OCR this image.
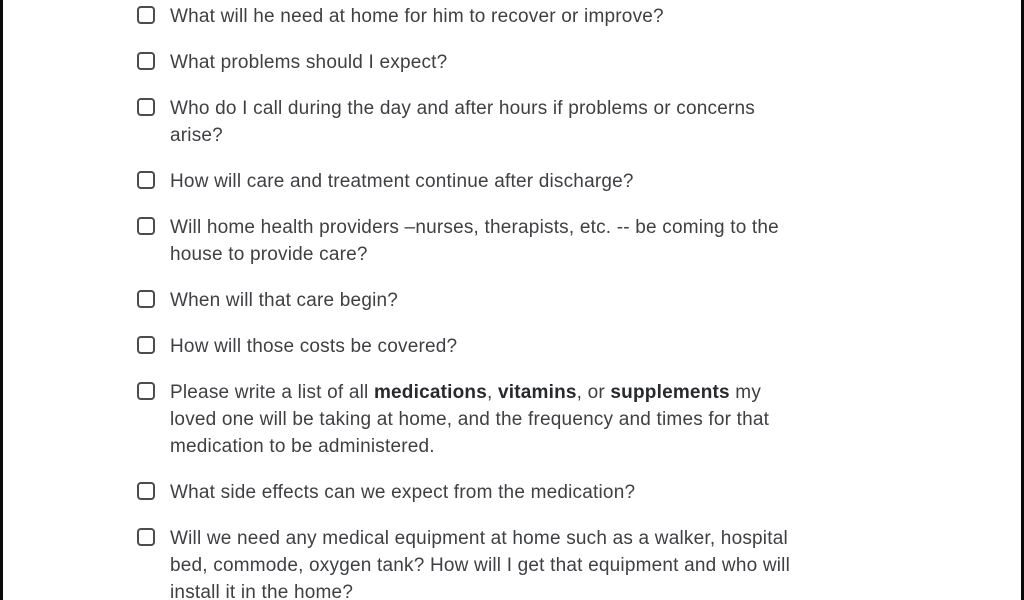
What will he need at home for him to recover or improve?
What problems should I expect?
Who do I call during the day and after hours if problems or concerns
arise?
How will care and treatment continue after discharge?
Will home health providers –nurses, therapists, etc. -- be coming to the
house to provide care?
When will that care begin?
How will those costs be covered?
Please write a list of all medications, vitamins, or supplements my
loved one will be taking at home, and the frequency and times for that
medication to be administered.
What side effects can we expect from the medication?
Will we need any medical equipment at home such as a walker, hospital
bed, commode, oxygen tank? How will I get that equipment and who will
install it in the home?
